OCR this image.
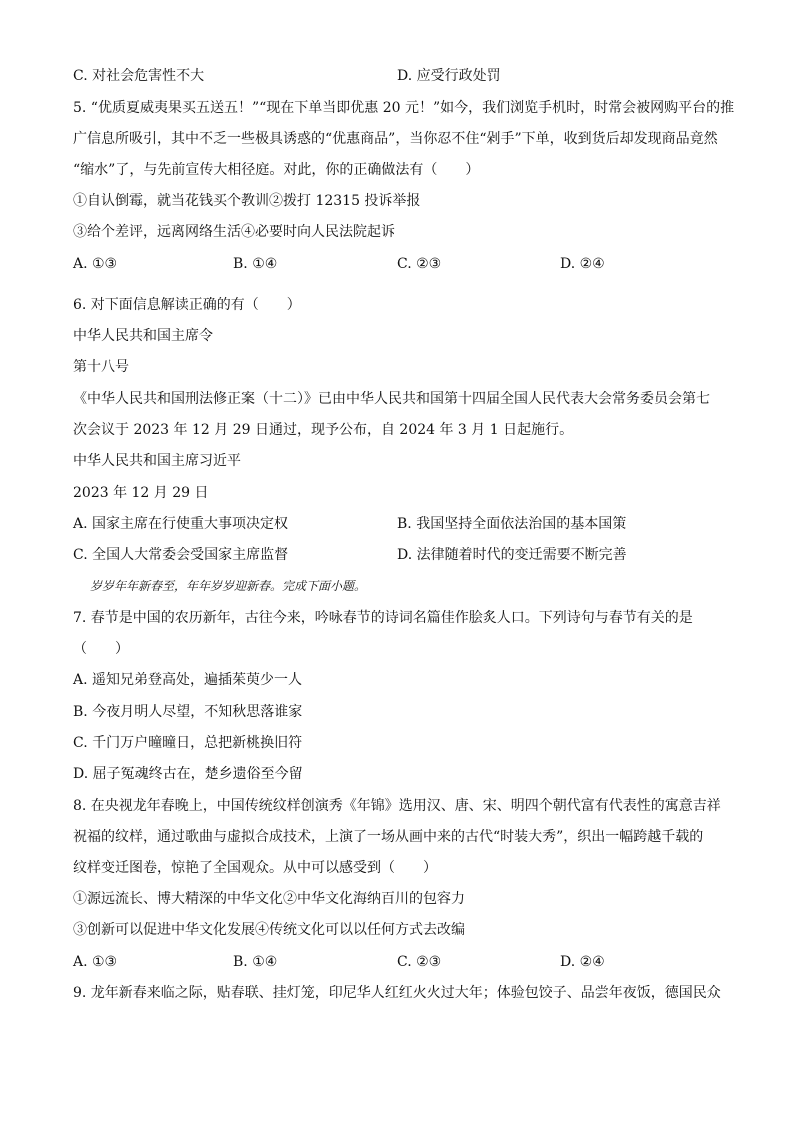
C. 对社会危害性不大	D. 应受行政处罚
5. “优质夏威夷果买五送五！”“现在下单当即优惠 20 元！”如今，我们浏览手机时，时常会被网购平台的推
广信息所吸引，其中不乏一些极具诱惑的“优惠商品”，当你忍不住“剁手”下单，收到货后却发现商品竟然
“缩水”了，与先前宣传大相径庭。对此，你的正确做法有（　　）
①自认倒霉，就当花钱买个教训②拨打 12315 投诉举报
③给个差评，远离网络生活④必要时向人民法院起诉
A. ①③	B. ①④	C. ②③	D. ②④
6. 对下面信息解读正确的有（　　）
中华人民共和国主席令
第十八号
《中华人民共和国刑法修正案（十二）》已由中华人民共和国第十四届全国人民代表大会常务委员会第七
次会议于 2023 年 12 月 29 日通过，现予公布，自 2024 年 3 月 1 日起施行。
中华人民共和国主席习近平
2023 年 12 月 29 日
A. 国家主席在行使重大事项决定权	B. 我国坚持全面依法治国的基本国策
C. 全国人大常委会受国家主席监督	D. 法律随着时代的变迁需要不断完善
岁岁年年新春至，年年岁岁迎新春。完成下面小题。
7. 春节是中国的农历新年，古往今来，吟咏春节的诗词名篇佳作脍炙人口。下列诗句与春节有关的是
（　　）
A. 遥知兄弟登高处，遍插茱萸少一人
B. 今夜月明人尽望，不知秋思落谁家
C. 千门万户曈曈日，总把新桃换旧符
D. 屈子冤魂终古在，楚乡遗俗至今留
8. 在央视龙年春晚上，中国传统纹样创演秀《年锦》选用汉、唐、宋、明四个朝代富有代表性的寓意吉祥
祝福的纹样，通过歌曲与虚拟合成技术，上演了一场从画中来的古代“时装大秀”，织出一幅跨越千载的
纹样变迁图卷，惊艳了全国观众。从中可以感受到（　　）
①源远流长、博大精深的中华文化②中华文化海纳百川的包容力
③创新可以促进中华文化发展④传统文化可以以任何方式去改编
A. ①③	B. ①④	C. ②③	D. ②④
9. 龙年新春来临之际，贴春联、挂灯笼，印尼华人红红火火过大年；体验包饺子、品尝年夜饭，德国民众
